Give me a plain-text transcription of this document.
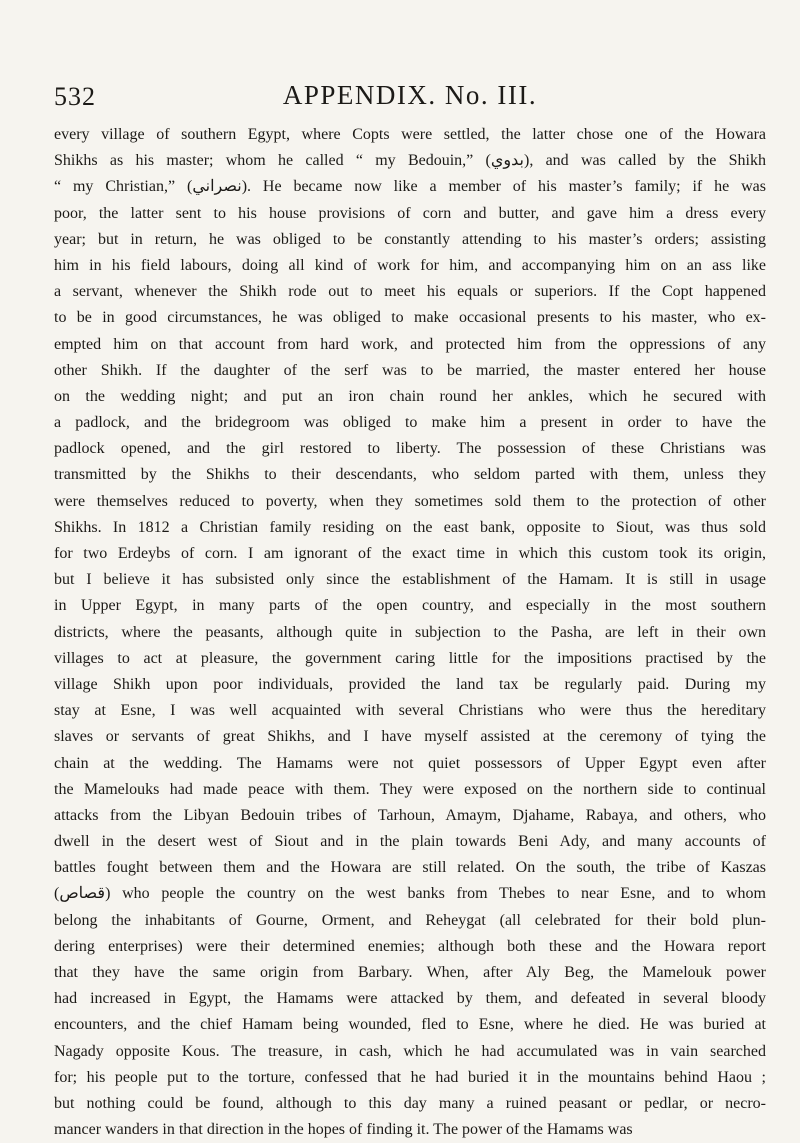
532	APPENDIX. No. III.
every village of southern Egypt, where Copts were settled, the latter chose one of the Howara
Shikhs as his master; whom he called “ my Bedouin,” (بدوي), and was called by the Shikh
“ my Christian,” (نصراني). He became now like a member of his master’s family; if he was
poor, the latter sent to his house provisions of corn and butter, and gave him a dress every
year; but in return, he was obliged to be constantly attending to his master’s orders; assisting
him in his field labours, doing all kind of work for him, and accompanying him on an ass like
a servant, whenever the Shikh rode out to meet his equals or superiors. If the Copt happened
to be in good circumstances, he was obliged to make occasional presents to his master, who ex-
empted him on that account from hard work, and protected him from the oppressions of any
other Shikh. If the daughter of the serf was to be married, the master entered her house
on the wedding night; and put an iron chain round her ankles, which he secured with
a padlock, and the bridegroom was obliged to make him a present in order to have the
padlock opened, and the girl restored to liberty. The possession of these Christians was
transmitted by the Shikhs to their descendants, who seldom parted with them, unless they
were themselves reduced to poverty, when they sometimes sold them to the protection of other
Shikhs. In 1812 a Christian family residing on the east bank, opposite to Siout, was thus sold
for two Erdeybs of corn. I am ignorant of the exact time in which this custom took its origin,
but I believe it has subsisted only since the establishment of the Hamam. It is still in usage
in Upper Egypt, in many parts of the open country, and especially in the most southern
districts, where the peasants, although quite in subjection to the Pasha, are left in their own
villages to act at pleasure, the government caring little for the impositions practised by the
village Shikh upon poor individuals, provided the land tax be regularly paid. During my
stay at Esne, I was well acquainted with several Christians who were thus the hereditary
slaves or servants of great Shikhs, and I have myself assisted at the ceremony of tying the
chain at the wedding. The Hamams were not quiet possessors of Upper Egypt even after
the Mamelouks had made peace with them. They were exposed on the northern side to continual
attacks from the Libyan Bedouin tribes of Tarhoun, Amaym, Djahame, Rabaya, and others, who
dwell in the desert west of Siout and in the plain towards Beni Ady, and many accounts of
battles fought between them and the Howara are still related. On the south, the tribe of Kaszas
(قصاص) who people the country on the west banks from Thebes to near Esne, and to whom
belong the inhabitants of Gourne, Orment, and Reheygat (all celebrated for their bold plun-
dering enterprises) were their determined enemies; although both these and the Howara report
that they have the same origin from Barbary. When, after Aly Beg, the Mamelouk power
had increased in Egypt, the Hamams were attacked by them, and defeated in several bloody
encounters, and the chief Hamam being wounded, fled to Esne, where he died. He was buried at
Nagady opposite Kous. The treasure, in cash, which he had accumulated was in vain searched
for; his people put to the torture, confessed that he had buried it in the mountains behind Haou ;
but nothing could be found, although to this day many a ruined peasant or pedlar, or necro-
mancer wanders in that direction in the hopes of finding it. The power of the Hamams was
